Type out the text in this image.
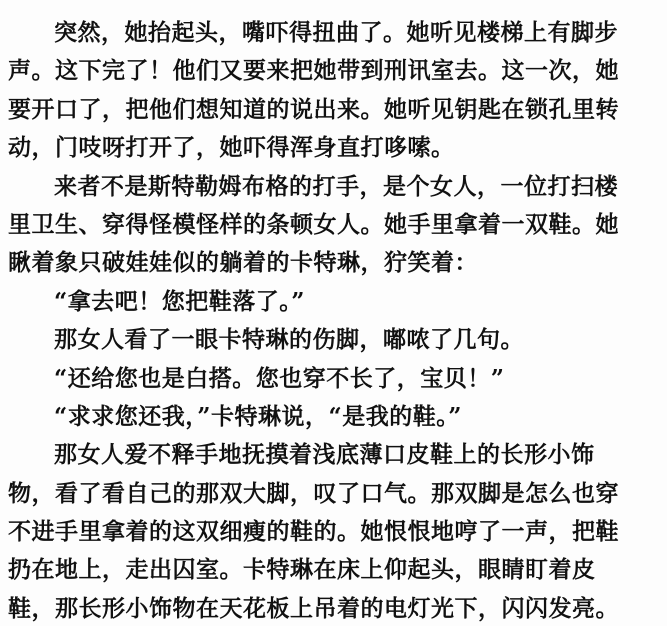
突然，她抬起头，嘴吓得扭曲了。她听见楼梯上有脚步
声。这下完了！他们又要来把她带到刑讯室去。这一次，她
要开口了，把他们想知道的说出来。她听见钥匙在锁孔里转
动，门吱呀打开了，她吓得浑身直打哆嗦。
来者不是斯特勒姆布格的打手，是个女人，一位打扫楼
里卫生、穿得怪模怪样的条顿女人。她手里拿着一双鞋。她
瞅着象只破娃娃似的躺着的卡特琳，狞笑着：
“拿去吧！您把鞋落了。”
那女人看了一眼卡特琳的伤脚，嘟哝了几句。
“还给您也是白搭。您也穿不长了，宝贝！”
“求求您还我，”卡特琳说，“是我的鞋。”
那女人爱不释手地抚摸着浅底薄口皮鞋上的长形小饰
物，看了看自己的那双大脚，叹了口气。那双脚是怎么也穿
不进手里拿着的这双细瘦的鞋的。她恨恨地哼了一声，把鞋
扔在地上，走出囚室。卡特琳在床上仰起头，眼睛盯着皮
鞋，那长形小饰物在天花板上吊着的电灯光下，闪闪发亮。
